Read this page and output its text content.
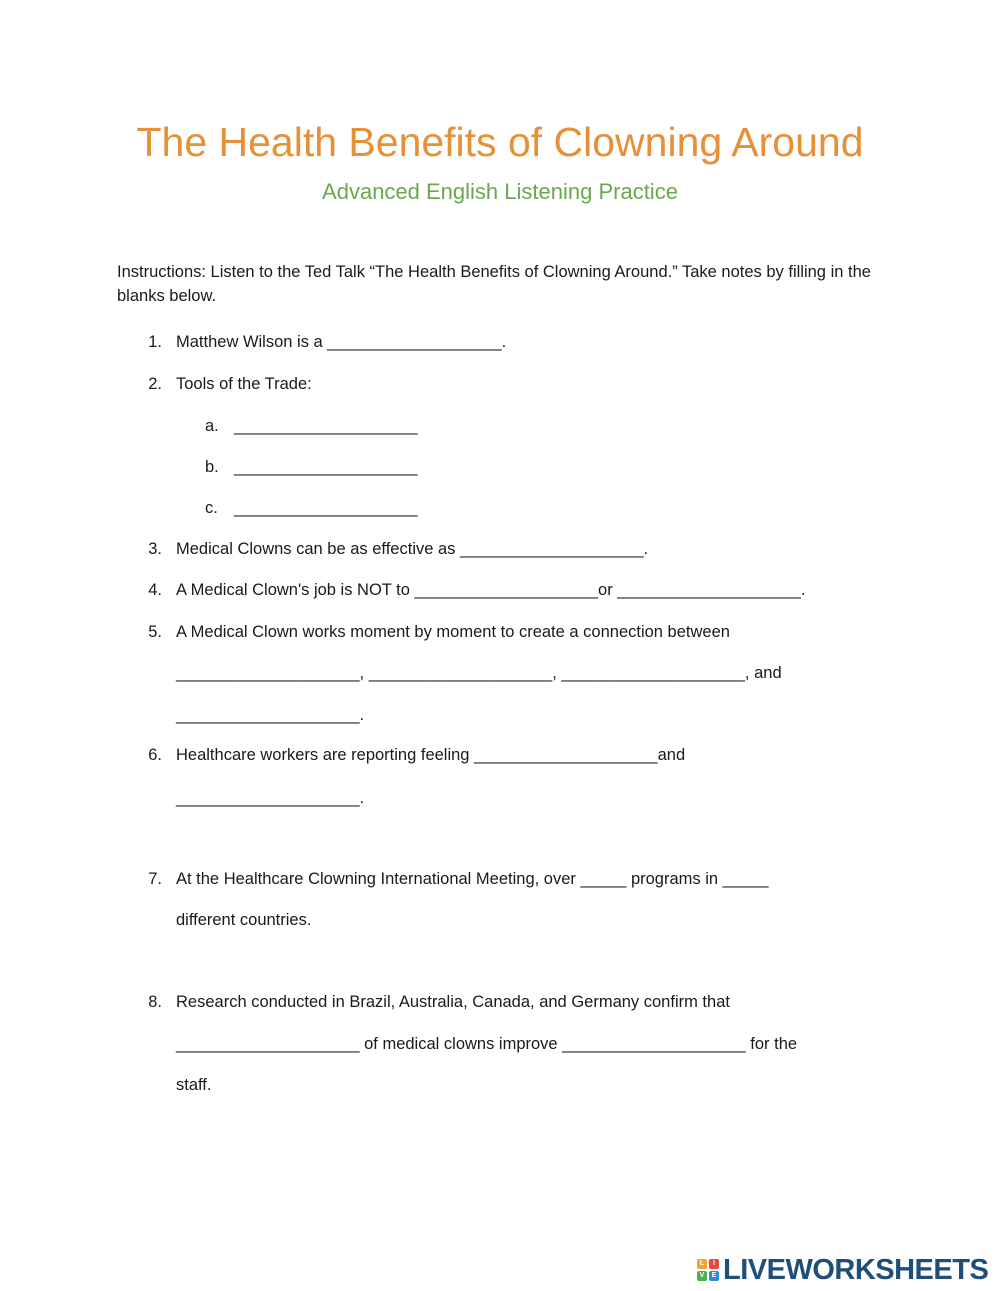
The Health Benefits of Clowning Around
Advanced English Listening Practice
Instructions: Listen to the Ted Talk “The Health Benefits of Clowning Around.” Take notes by filling in the blanks below.
1. Matthew Wilson is a ___________________.
2. Tools of the Trade:
a. ____________________
b. ____________________
c. ____________________
3. Medical Clowns can be as effective as ____________________.
4. A Medical Clown's job is NOT to ____________________or ____________________.
5. A Medical Clown works moment by moment to create a connection between
____________________, ____________________, ____________________, and
____________________.
6. Healthcare workers are reporting feeling ____________________and
____________________.
7. At the Healthcare Clowning International Meeting, over _____ programs in _____
different countries.
8. Research conducted in Brazil, Australia, Canada, and Germany confirm that
____________________ of medical clowns improve ____________________ for the
staff.
L	I
V	E LIVEWORKSHEETS
